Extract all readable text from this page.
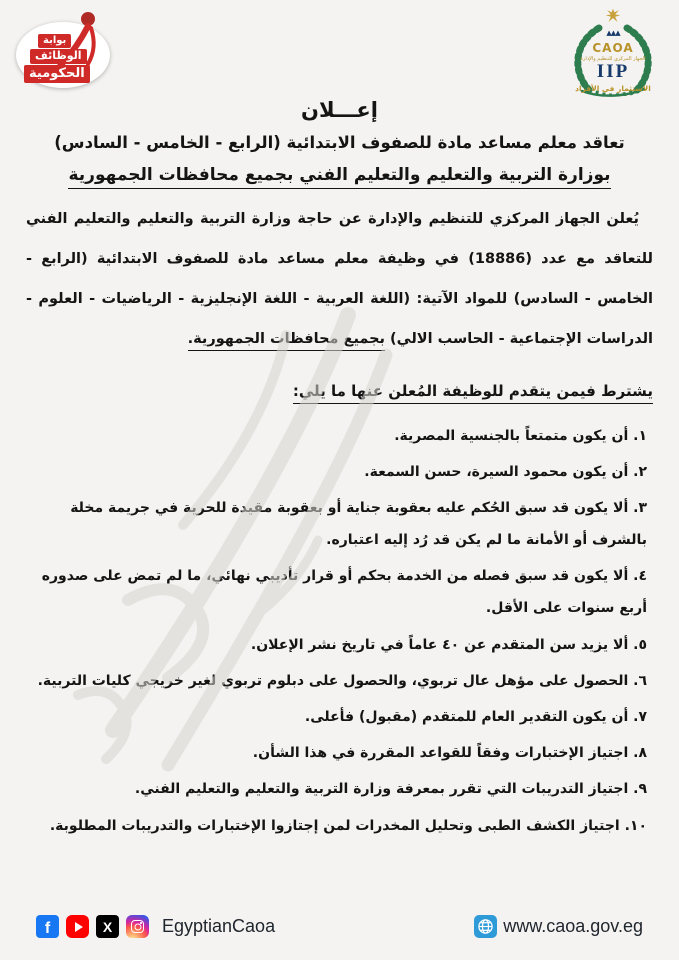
بوابة
الوظائف
الحكومية
▲▲▲
CAOA
الجهاز المركزي للتنظيم والإدارة
IIP
الاستثمار في الأفراد
إعـــلان
تعاقد معلم مساعد مادة للصفوف الابتدائية (الرابع - الخامس - السادس)
بوزارة التربية والتعليم والتعليم الفني بجميع محافظات الجمهورية

يُعلن الجهاز المركزي للتنظيم والإدارة عن حاجة وزارة التربية والتعليم والتعليم الفني للتعاقد مع عدد (18886) في وظيفة معلم مساعد مادة للصفوف الابتدائية (الرابع - الخامس - السادس) للمواد الآتية: (اللغة العربية - اللغة الإنجليزية - الرياضيات - العلوم - الدراسات الإجتماعية - الحاسب الالي) بجميع محافظات الجمهورية.

يشترط فيمن يتقدم للوظيفة المُعلن عنها ما يلي:
١. أن يكون متمتعاً بالجنسية المصرية.
٢. أن يكون محمود السيرة، حسن السمعة.
٣. ألا يكون قد سبق الحُكم عليه بعقوبة جناية أو بعقوبة مقيدة للحرية في جريمة مخلة بالشرف أو الأمانة ما لم يكن قد رُد إليه اعتباره.
٤. ألا يكون قد سبق فصله من الخدمة بحكم أو قرار تأديبي نهائي، ما لم تمض على صدوره أربع سنوات على الأقل.
٥. ألا يزيد سن المتقدم عن ٤٠ عاماً في تاريخ نشر الإعلان.
٦. الحصول على مؤهل عال تربوي، والحصول على دبلوم تربوي لغير خريجي كليات التربية.
٧. أن يكون التقدير العام للمتقدم (مقبول) فأعلى.
٨. اجتياز الإختبارات وفقاً للقواعد المقررة في هذا الشأن.
٩. اجتياز التدريبات التي تقرر بمعرفة وزارة التربية والتعليم والتعليم الفني.
١٠. اجتياز الكشف الطبى وتحليل المخدرات لمن إجتازوا الإختبارات والتدريبات المطلوبة.
f	X	EgyptianCaoa	www.caoa.gov.eg
